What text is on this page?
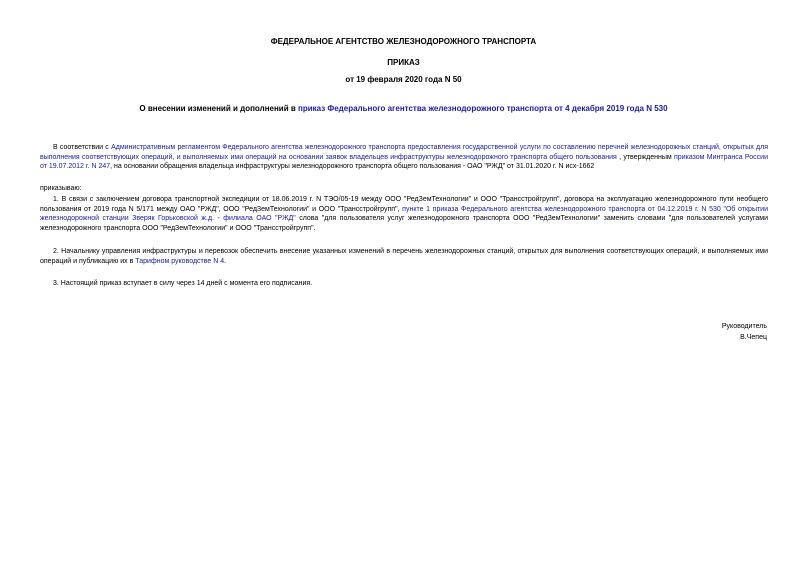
ФЕДЕРАЛЬНОЕ АГЕНТСТВО ЖЕЛЕЗНОДОРОЖНОГО ТРАНСПОРТА
ПРИКАЗ
от 19 февраля 2020 года N 50
О внесении изменений и дополнений в приказ Федерального агентства железнодорожного транспорта от 4 декабря 2019 года N 530
В соответствии с Административным регламентом Федерального агентства железнодорожного транспорта предоставления государственной услуги по составлению перечней железнодорожных станций, открытых для выполнения соответствующих операций, и выполняемых ими операций на основании заявок владельцев инфраструктуры железнодорожного транспорта общего пользования , утвержденным приказом Минтранса России от 19.07.2012 г. N 247, на основании обращения владельца инфраструктуры железнодорожного транспорта общего пользования - ОАО "РЖД" от 31.01.2020 г. N исх-1662
приказываю:
1. В связи с заключением договора транспортной экспедиции от 18.06.2019 г. N ТЭО/05-19 между ООО "РедЗемТехнологии" и ООО "Трансстройгрупп", договора на эксплуатацию железнодорожного пути необщего пользования от 2019 года N 5/171 между ОАО "РЖД", ООО "РедЗемТехнологии" и ООО "Трансстройгрупп", пункте 1 приказа Федерального агентства железнодорожного транспорта от 04.12.2019 г. N 530 "Об открытии железнодорожной станции Зверяк Горьковской ж.д. - филиала ОАО "РЖД" слова "для пользователя услуг железнодорожного транспорта ООО "РедЗемТехнологии" заменить словами "для пользователей услугами железнодорожного транспорта ООО "РедЗемТехнологии" и ООО "Трансстройгрупп".
2. Начальнику управления инфраструктуры и перевозок обеспечить внесение указанных изменений в перечень железнодорожных станций, открытых для выполнения соответствующих операций, и выполняемых ими операций и публикацию их в Тарифном руководстве N 4.
3. Настоящий приказ вступает в силу через 14 дней с момента его подписания.
Руководитель
В.Чепец
